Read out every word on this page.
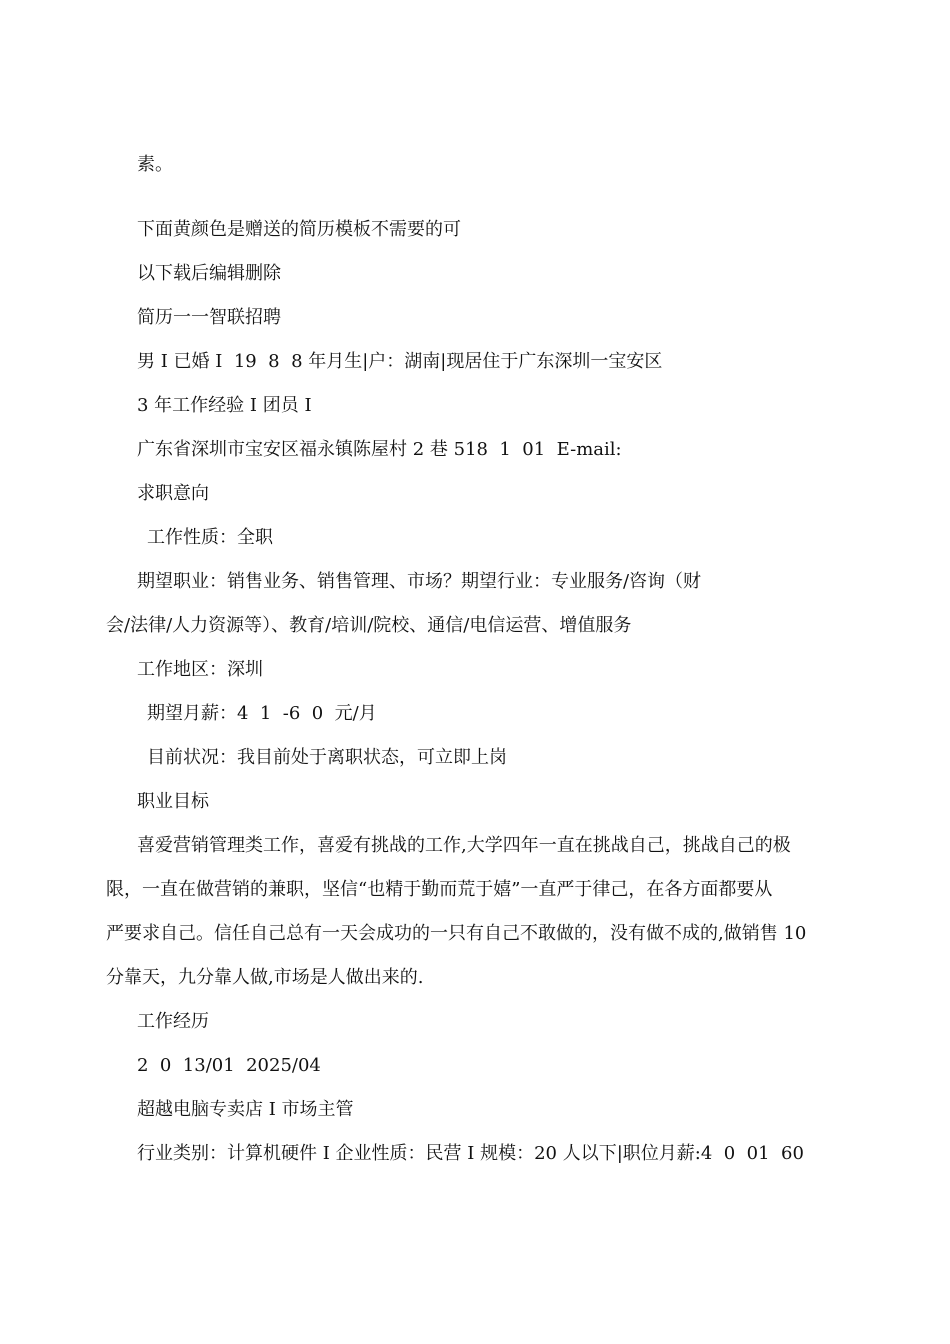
素。
下面黄颜色是赠送的简历模板不需要的可
以下载后编辑删除
简历一一智联招聘
男 I 已婚 I  19  8  8 年月生|户：湖南|现居住于广东深圳一宝安区
3 年工作经验 I 团员 I
广东省深圳市宝安区福永镇陈屋村 2 巷 518  1  01  E-mail:
求职意向
工作性质：全职
期望职业：销售业务、销售管理、市场？期望行业：专业服务/咨询（财
会/法律/人力资源等）、教育/培训/院校、通信/电信运营、增值服务
工作地区：深圳
期望月薪：4  1  -6  0  元/月
目前状况：我目前处于离职状态，可立即上岗
职业目标
喜爱营销管理类工作，喜爱有挑战的工作,大学四年一直在挑战自己，挑战自己的极
限，一直在做营销的兼职，坚信“也精于勤而荒于嬉”一直严于律己，在各方面都要从
严要求自己。信任自己总有一天会成功的一只有自己不敢做的，没有做不成的,做销售 10
分靠天，九分靠人做,市场是人做出来的.
工作经历
2  0  13/01  2025/04
超越电脑专卖店 I 市场主管
行业类别：计算机硬件 I 企业性质：民营 I 规模：20 人以下|职位月薪:4  0  01  60
